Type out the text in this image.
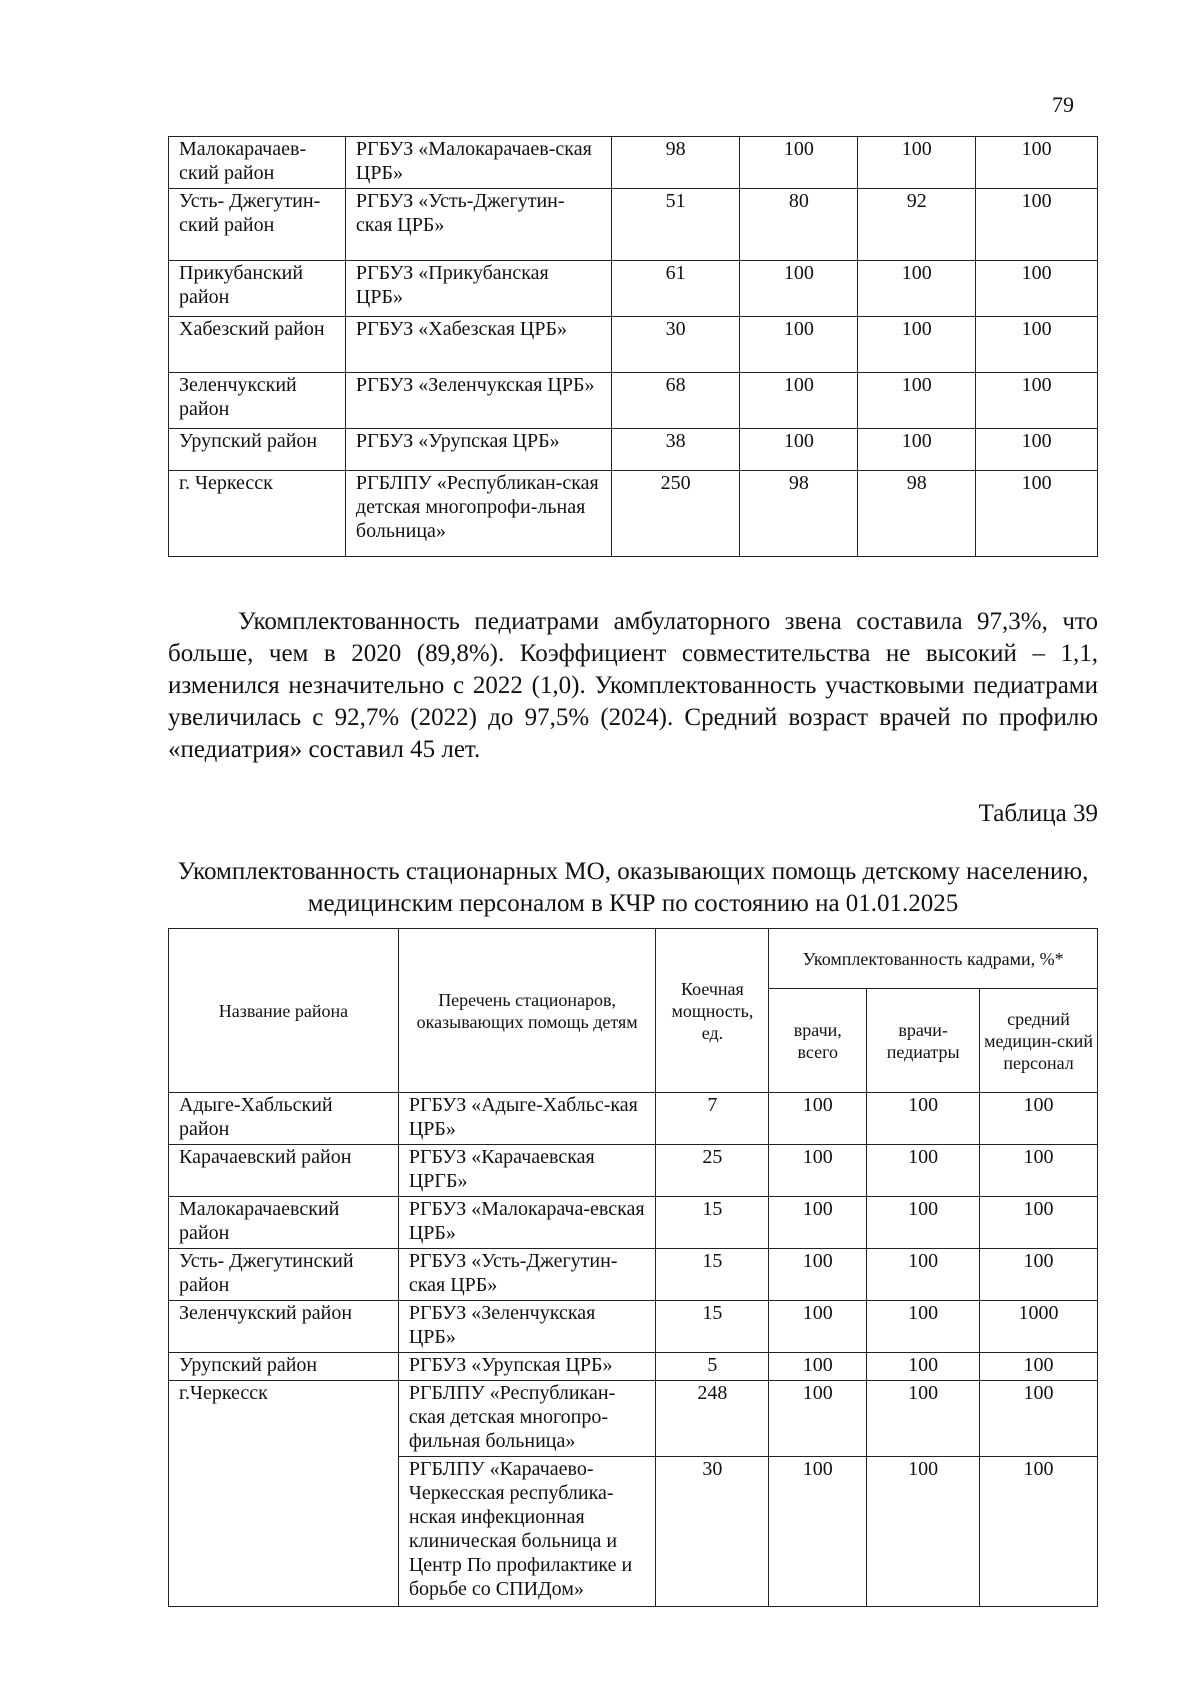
79
Малокарачаев-ский район	РГБУЗ «Малокарачаев-ская ЦРБ»	98	100	100	100
Усть- Джегутин-ский район	РГБУЗ «Усть-Джегутин-ская ЦРБ»	51	80	92	100
Прикубанский район	РГБУЗ «Прикубанская ЦРБ»	61	100	100	100
Хабезский район	РГБУЗ «Хабезская ЦРБ»	30	100	100	100
Зеленчукский район	РГБУЗ «Зеленчукская ЦРБ»	68	100	100	100
Урупский район	РГБУЗ «Урупская ЦРБ»	38	100	100	100
г. Черкесск	РГБЛПУ «Республикан-ская детская многопрофи-льная больница»	250	98	98	100

Укомплектованность педиатрами амбулаторного звена составила 97,3%, что больше, чем в 2020 (89,8%). Коэффициент совместительства не высокий – 1,1, изменился незначительно с 2022 (1,0). Укомплектованность участковыми педиатрами увеличилась с 92,7% (2022) до 97,5% (2024). Средний возраст врачей по профилю «педиатрия» составил 45 лет.

Таблица 39
Укомплектованность стационарных МО, оказывающих помощь детскому населению, медицинским персоналом в КЧР по состоянию на 01.01.2025
Название района	Перечень стационаров, оказывающих помощь детям	Коечная мощность, ед.	Укомплектованность кадрами, %*		
			врачи, всего	врачи-педиатры	средний медицин-ский персонал
Адыге-Хабльский район	РГБУЗ «Адыге-Хабльс-кая ЦРБ»	7	100	100	100
Карачаевский район	РГБУЗ «Карачаевская ЦРГБ»	25	100	100	100
Малокарачаевский район	РГБУЗ «Малокарача-евская ЦРБ»	15	100	100	100
Усть- Джегутинский район	РГБУЗ «Усть-Джегутин-ская ЦРБ»	15	100	100	100
Зеленчукский район	РГБУЗ «Зеленчукская ЦРБ»	15	100	100	1000
Урупский район	РГБУЗ «Урупская ЦРБ»	5	100	100	100
г.Черкесск	РГБЛПУ «Республикан-ская детская многопро-фильная больница»	248	100	100	100
	РГБЛПУ «Карачаево-Черкесская республика-нская инфекционная клиническая больница и Центр По профилактике и борьбе со СПИДом»	30	100	100	100
